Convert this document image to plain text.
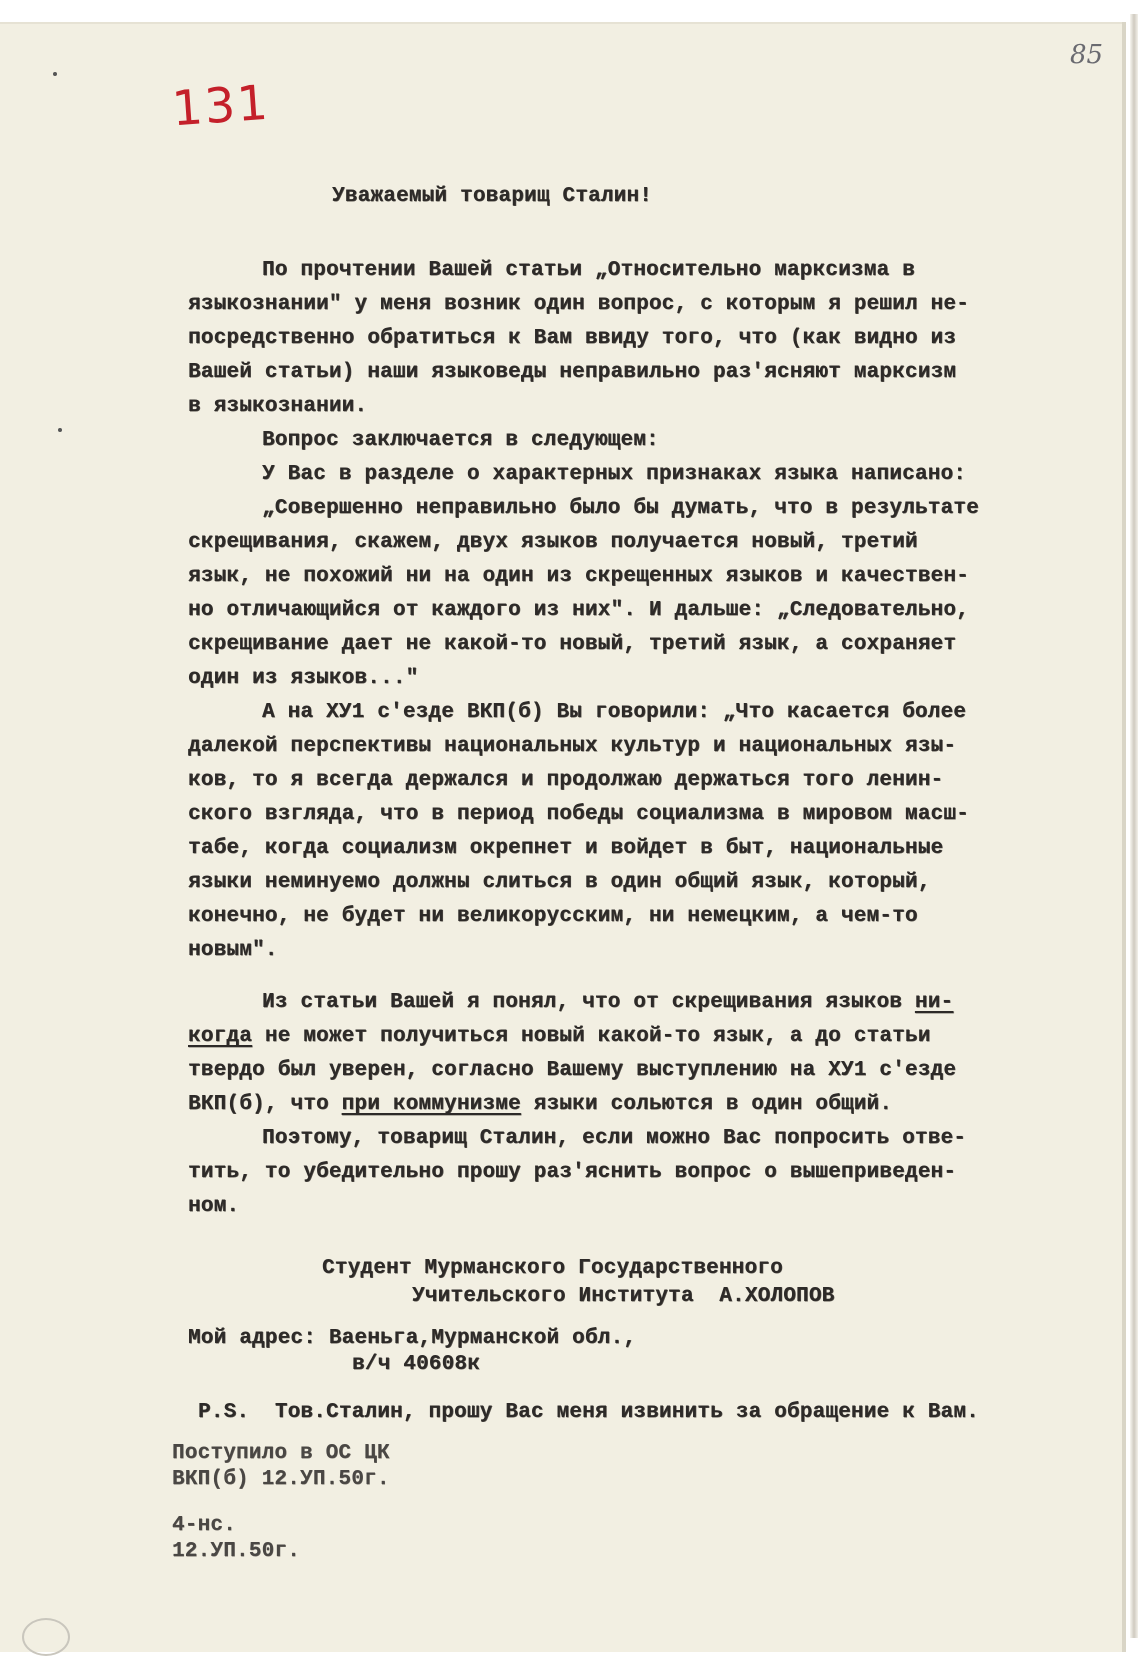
131
85
Уважаемый товарищ Сталин!
По прочтении Вашей статьи „Относительно марксизма в
языкознании" у меня возник один вопрос, с которым я решил не-
посредственно обратиться к Вам ввиду того, что (как видно из
Вашей статьи) наши языковеды неправильно раз'ясняют марксизм
в языкознании.
Вопрос заключается в следующем:
У Вас в разделе о характерных признаках языка написано:
„Совершенно неправильно было бы думать, что в результате
скрещивания, скажем, двух языков получается новый, третий
язык, не похожий ни на один из скрещенных языков и качествен-
но отличающийся от каждого из них". И дальше: „Следовательно,
скрещивание дает не какой-то новый, третий язык, а сохраняет
один из языков..."
А на ХУ1 с'езде ВКП(б) Вы говорили: „Что касается более
далекой перспективы национальных культур и национальных язы-
ков, то я всегда держался и продолжаю держаться того ленин-
ского взгляда, что в период победы социализма в мировом масш-
табе, когда социализм окрепнет и войдет в быт, национальные
языки неминуемо должны слиться в один общий язык, который,
конечно, не будет ни великорусским, ни немецким, а чем-то
новым".
Из статьи Вашей я понял, что от скрещивания языков ни-
когда не может получиться новый какой-то язык, а до статьи
твердо был уверен, согласно Вашему выступлению на ХУ1 с'езде
ВКП(б), что при коммунизме языки сольются в один общий.
Поэтому, товарищ Сталин, если можно Вас попросить отве-
тить, то убедительно прошу раз'яснить вопрос о вышеприведен-
ном.
Студент Мурманского Государственного
Учительского Института  А.ХОЛОПОВ
Мой адрес: Ваеньга,Мурманской обл.,
в/ч 40608к
P.S. Тов.Сталин, прошу Вас меня извинить за обращение к Вам.
Поступило в ОС ЦК
ВКП(б) 12.УП.50г.
4-нс.
12.УП.50г.
